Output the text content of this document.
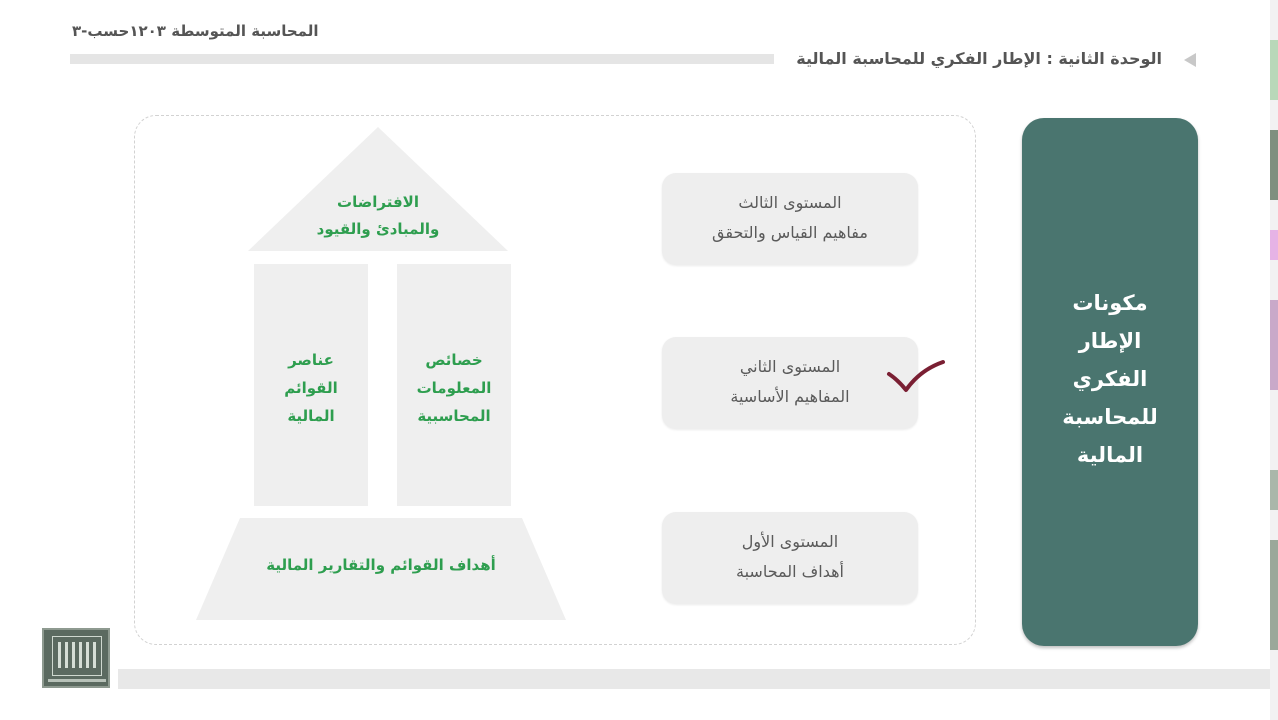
المحاسبة المتوسطة ١٢٠٣حسب-٣
الوحدة الثانية : الإطار الفكري للمحاسبة المالية
الافتراضات
والمبادئ والقيود
خصائص
المعلومات
المحاسبية
عناصر
القوائم
المالية
أهداف القوائم والتقارير المالية
المستوى الثالث
مفاهيم القياس والتحقق
المستوى الثاني
المفاهيم الأساسية
المستوى الأول
أهداف المحاسبة
مكونات
الإطار
الفكري
للمحاسبة
المالية
